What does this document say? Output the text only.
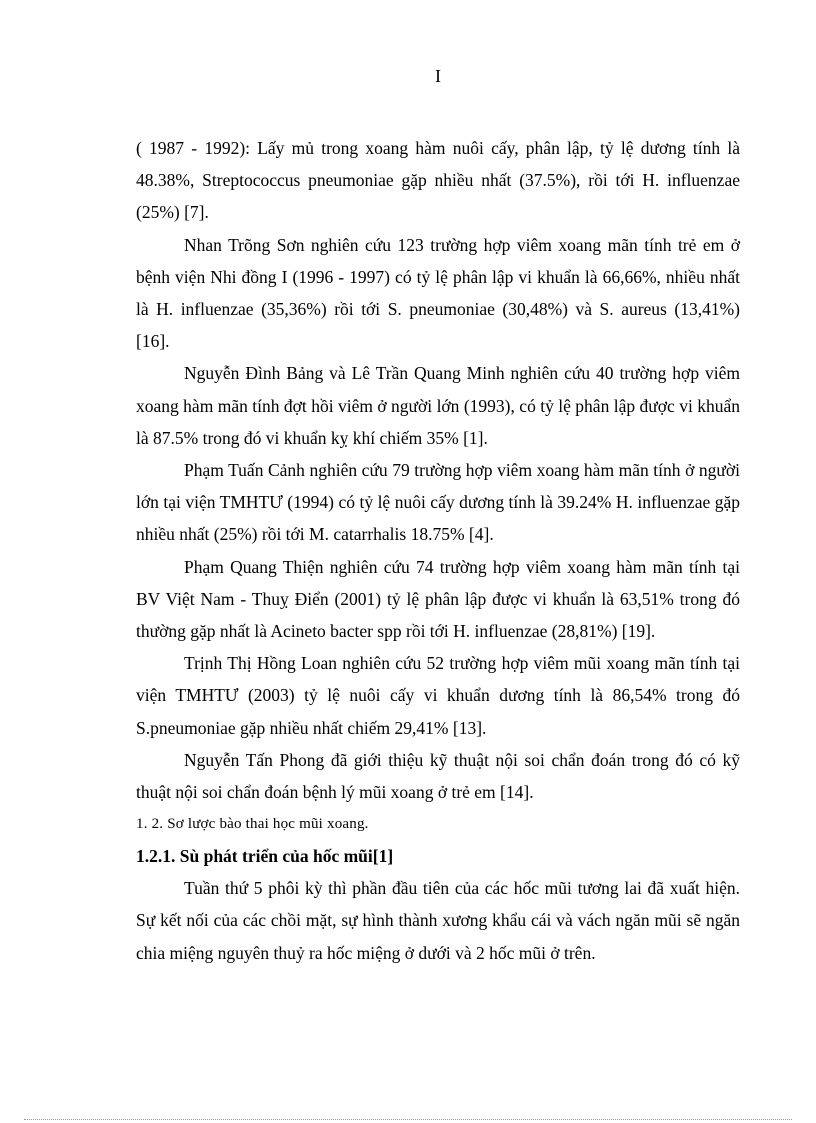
I

( 1987 - 1992): Lấy mủ trong xoang hàm nuôi cấy, phân lập, tỷ lệ dương tính là 48.38%, Streptococcus pneumoniae gặp nhiều nhất (37.5%), rồi tới H. influenzae (25%) [7].

Nhan Trõng Sơn nghiên cứu 123 trường hợp viêm xoang mãn tính trẻ em ở bệnh viện Nhi đồng I (1996 - 1997) có tỷ lệ phân lập vi khuẩn là 66,66%, nhiều nhất là H. influenzae (35,36%) rồi tới S. pneumoniae (30,48%) và S. aureus (13,41%) [16].

Nguyễn Đình Bảng và Lê Trần Quang Minh nghiên cứu 40 trường hợp viêm xoang hàm mãn tính đợt hồi viêm ở người lớn (1993), có tỷ lệ phân lập được vi khuẩn là 87.5% trong đó vi khuẩn kỵ khí chiếm 35% [1].

Phạm Tuấn Cảnh nghiên cứu 79 trường hợp viêm xoang hàm mãn tính ở người lớn tại viện TMHTƯ (1994) có tỷ lệ nuôi cấy dương tính là 39.24% H. influenzae gặp nhiều nhất (25%) rồi tới M. catarrhalis 18.75% [4].

Phạm Quang Thiện nghiên cứu 74 trường hợp viêm xoang hàm mãn tính tại BV Việt Nam - Thuỵ Điển (2001) tỷ lệ phân lập được vi khuẩn là 63,51% trong đó thường gặp nhất là Acineto bacter spp rồi tới H. influenzae (28,81%) [19].

Trịnh Thị Hồng Loan nghiên cứu 52 trường hợp viêm mũi xoang mãn tính tại viện TMHTƯ (2003) tỷ lệ nuôi cấy vi khuẩn dương tính là 86,54% trong đó S.pneumoniae gặp nhiều nhất chiếm 29,41% [13].

Nguyễn Tấn Phong đã giới thiệu kỹ thuật nội soi chẩn đoán trong đó có kỹ thuật nội soi chẩn đoán bệnh lý mũi xoang ở trẻ em [14].

1. 2. Sơ lược bào thai học mũi xoang.

1.2.1. Sù phát triển của hốc mũi[1]

Tuần thứ 5 phôi kỳ thì phần đầu tiên của các hốc mũi tương lai đã xuất hiện. Sự kết nối của các chồi mặt, sự hình thành xương khẩu cái và vách ngăn mũi sẽ ngăn chia miệng nguyên thuỷ ra hốc miệng ở dưới và 2 hốc mũi ở trên.
